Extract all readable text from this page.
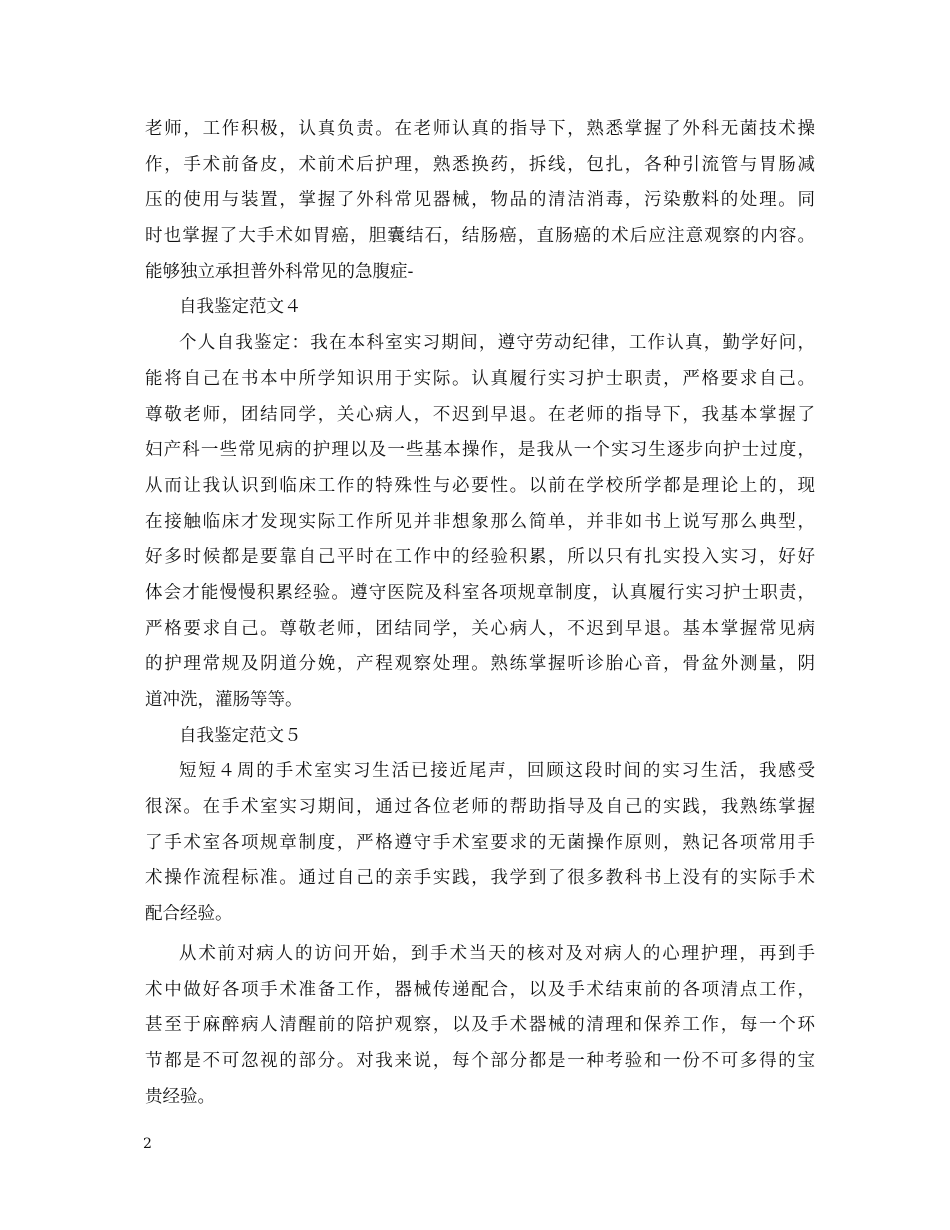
老师，工作积极，认真负责。在老师认真的指导下，熟悉掌握了外科无菌技术操
作，手术前备皮，术前术后护理，熟悉换药，拆线，包扎，各种引流管与胃肠减
压的使用与装置，掌握了外科常见器械，物品的清洁消毒，污染敷料的处理。同
时也掌握了大手术如胃癌，胆囊结石，结肠癌，直肠癌的术后应注意观察的内容。
能够独立承担普外科常见的急腹症-
自我鉴定范文４
个人自我鉴定：我在本科室实习期间，遵守劳动纪律，工作认真，勤学好问，
能将自己在书本中所学知识用于实际。认真履行实习护士职责，严格要求自己。
尊敬老师，团结同学，关心病人，不迟到早退。在老师的指导下，我基本掌握了
妇产科一些常见病的护理以及一些基本操作，是我从一个实习生逐步向护士过度，
从而让我认识到临床工作的特殊性与必要性。以前在学校所学都是理论上的，现
在接触临床才发现实际工作所见并非想象那么简单，并非如书上说写那么典型，
好多时候都是要靠自己平时在工作中的经验积累，所以只有扎实投入实习，好好
体会才能慢慢积累经验。遵守医院及科室各项规章制度，认真履行实习护士职责，
严格要求自己。尊敬老师，团结同学，关心病人，不迟到早退。基本掌握常见病
的护理常规及阴道分娩，产程观察处理。熟练掌握听诊胎心音，骨盆外测量，阴
道冲洗，灌肠等等。
自我鉴定范文５
短短４周的手术室实习生活已接近尾声，回顾这段时间的实习生活，我感受
很深。在手术室实习期间，通过各位老师的帮助指导及自己的实践，我熟练掌握
了手术室各项规章制度，严格遵守手术室要求的无菌操作原则，熟记各项常用手
术操作流程标准。通过自己的亲手实践，我学到了很多教科书上没有的实际手术
配合经验。
从术前对病人的访问开始，到手术当天的核对及对病人的心理护理，再到手
术中做好各项手术准备工作，器械传递配合，以及手术结束前的各项清点工作，
甚至于麻醉病人清醒前的陪护观察，以及手术器械的清理和保养工作，每一个环
节都是不可忽视的部分。对我来说，每个部分都是一种考验和一份不可多得的宝
贵经验。
2
